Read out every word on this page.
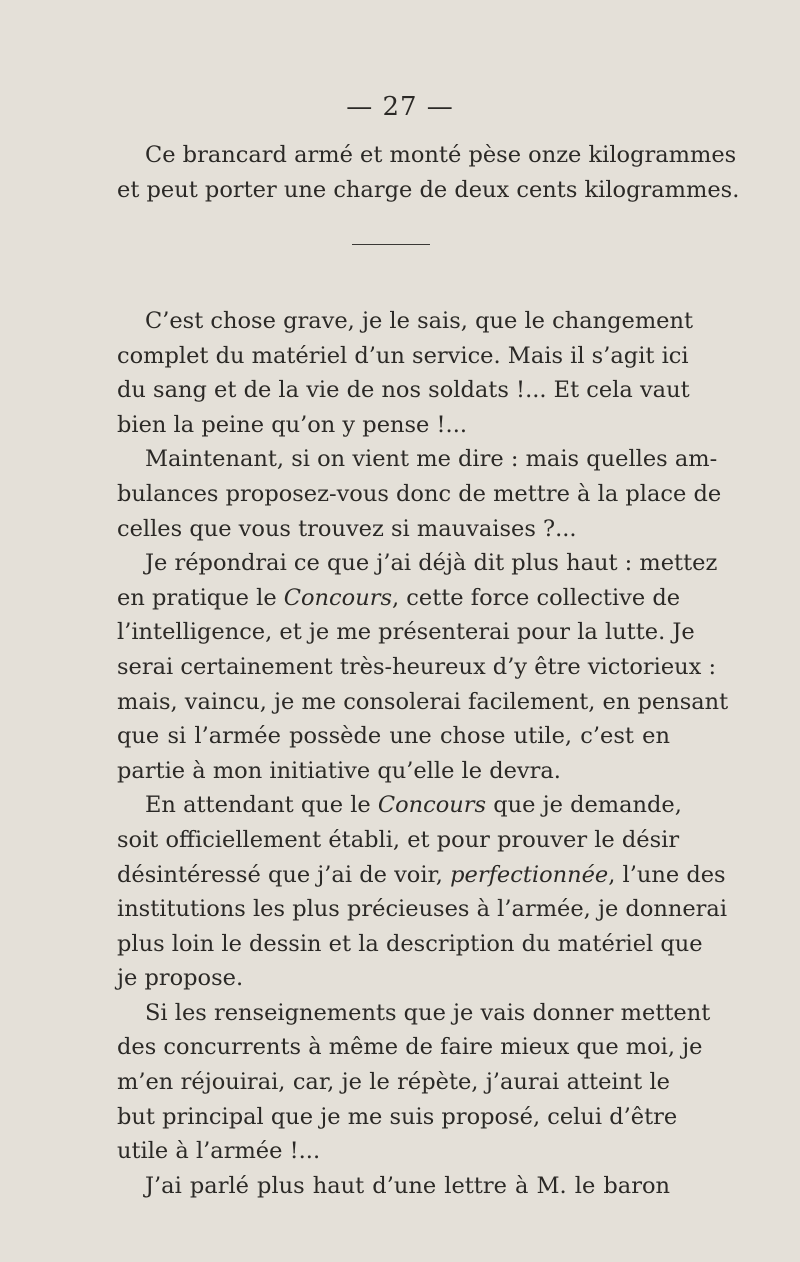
— 27 —
Ce brancard armé et monté pèse onze kilogrammes
et peut porter une charge de deux cents kilogrammes.
C’est chose grave, je le sais, que le changement
complet du matériel d’un service. Mais il s’agit ici
du sang et de la vie de nos soldats !... Et cela vaut
bien la peine qu’on y pense !...
Maintenant, si on vient me dire : mais quelles am-
bulances proposez-vous donc de mettre à la place de
celles que vous trouvez si mauvaises ?...
Je répondrai ce que j’ai déjà dit plus haut : mettez
en pratique le Concours, cette force collective de
l’intelligence, et je me présenterai pour la lutte. Je
serai certainement très-heureux d’y être victorieux :
mais, vaincu, je me consolerai facilement, en pensant
que si l’armée possède une chose utile, c’est en
partie à mon initiative qu’elle le devra.
En attendant que le Concours que je demande,
soit officiellement établi, et pour prouver le désir
désintéressé que j’ai de voir, perfectionnée, l’une des
institutions les plus précieuses à l’armée, je donnerai
plus loin le dessin et la description du matériel que
je propose.
Si les renseignements que je vais donner mettent
des concurrents à même de faire mieux que moi, je
m’en réjouirai, car, je le répète, j’aurai atteint le
but principal que je me suis proposé, celui d’être
utile à l’armée !...
J’ai parlé plus haut d’une lettre à M. le baron
